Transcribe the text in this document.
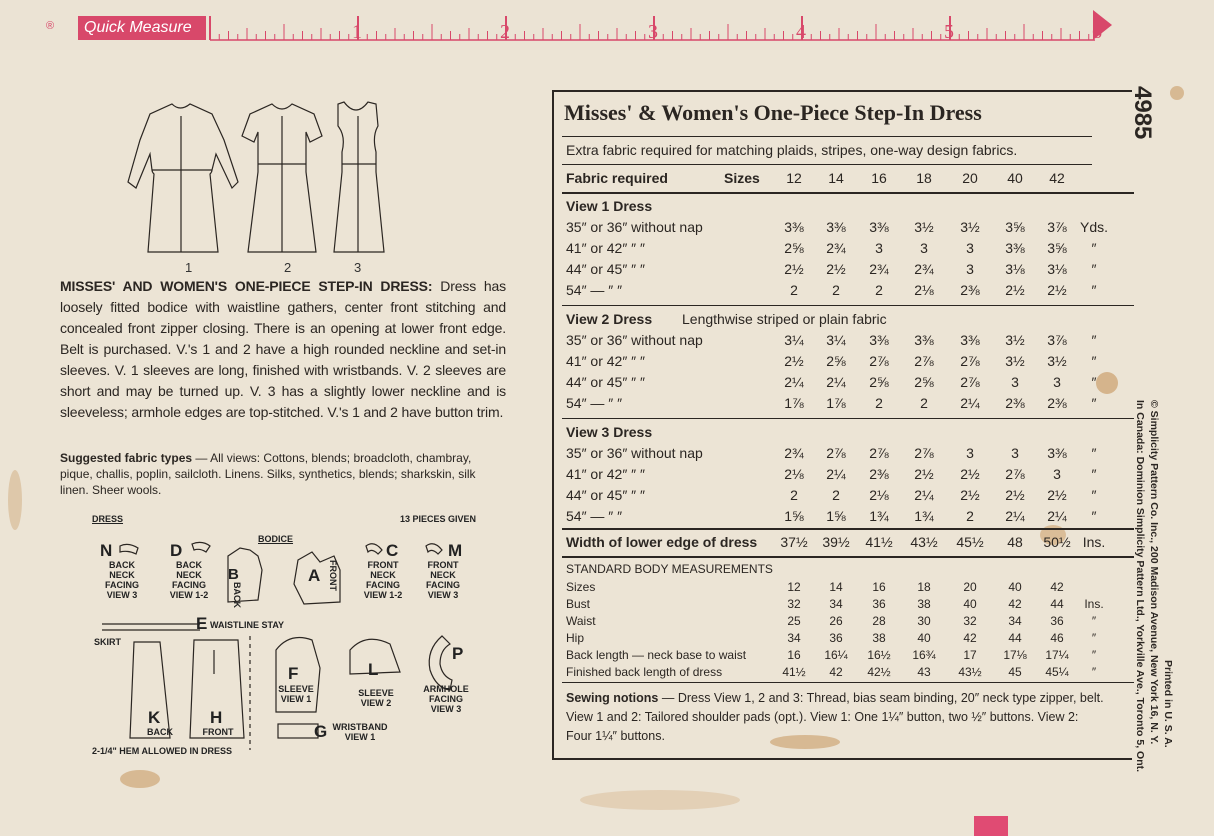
®	Quick Measure	1	2	3	4	5	6
1	2	3
MISSES' AND WOMEN'S ONE-PIECE STEP-IN DRESS: Dress has loosely fitted bodice with waistline gathers, center front stitching and concealed front zipper closing. There is an opening at lower front edge. Belt is purchased. V.'s 1 and 2 have a high rounded neckline and set-in sleeves. V. 1 sleeves are long, finished with wristbands. V. 2 sleeves are short and may be turned up. V. 3 has a slightly lower neckline and is sleeveless; armhole edges are top-stitched. V.'s 1 and 2 have button trim.
Suggested fabric types — All views: Cottons, blends; broadcloth, chambray, pique, challis, poplin, sailcloth. Linens. Silks, synthetics, blends; sharkskin, silk linen. Sheer wools.
DRESS
BODICE
13 PIECES GIVEN
SKIRT
N
BACK NECK FACING VIEW 3
D
BACK NECK FACING VIEW 1-2
C
FRONT NECK FACING VIEW 1-2
M
FRONT NECK FACING VIEW 3
B
BACK
A FRONT
E WAISTLINE STAY
K
BACK
H
FRONT
F
SLEEVE VIEW 1
L
SLEEVE VIEW 2
P
ARMHOLE FACING VIEW 3
G WRISTBAND VIEW 1
2-1/4" HEM ALLOWED IN DRESS
Misses' & Women's One-Piece Step-In Dress
Extra fabric required for matching plaids, stripes, one-way design fabrics.
Fabric required	Sizes	12	14	16	18	20	40	42
View 1 Dress
35″ or 36″ without nap	3⅜	3⅜	3⅜	3½	3½	3⅝	3⅞ Yds.
41″ or 42″ ″ ″	2⅝	2¾	3	3	3	3⅜	3⅝	″
44″ or 45″ ″ ″	2½	2½	2¾	2¾	3	3⅛	3⅛	″
54″ — ″ ″	2	2	2	2⅛	2⅜	2½	2½	″
View 2 Dress Lengthwise striped or plain fabric
35″ or 36″ without nap	3¼	3¼	3⅜	3⅜	3⅜	3½	3⅞	″
41″ or 42″ ″ ″	2½	2⅝	2⅞	2⅞	2⅞	3½	3½	″
44″ or 45″ ″ ″	2¼	2¼	2⅝	2⅝	2⅞	3	3	″
54″ — ″ ″	1⅞	1⅞	2	2	2¼	2⅜	2⅜	″
View 3 Dress
35″ or 36″ without nap	2¾	2⅞	2⅞	2⅞	3	3	3⅜	″
41″ or 42″ ″ ″	2⅛	2¼	2⅜	2½	2½	2⅞	3	″
44″ or 45″ ″ ″	2	2	2⅛	2¼	2½	2½	2½	″
54″ — ″ ″	1⅝	1⅝	1¾	1¾	2	2¼	2¼	″
Width of lower edge of dress	37½	39½	41½	43½	45½	48	50½ Ins.
STANDARD BODY MEASUREMENTS
Sizes	12	14	16	18	20	40	42
Bust	32	34	36	38	40	42	44	Ins.
Waist	25	26	28	30	32	34	36	″
Hip	34	36	38	40	42	44	46	″
Back length — neck base to waist	16	16¼	16½	16¾	17	17⅛	17¼	″
Finished back length of dress	41½	42	42½	43	43½	45	45¼	″
Sewing notions — Dress View 1, 2 and 3: Thread, bias seam binding, 20″ neck type zipper, belt. View 1 and 2: Tailored shoulder pads (opt.). View 1: One 1¼″ button, two ½″ buttons. View 2: Four 1¼″ buttons.
4985
© Simplicity Pattern Co. Inc., 200 Madison Avenue, New York 16, N. Y.
In Canada: Dominion Simplicity Pattern Ltd., Yorkville Ave., Toronto 5, Ont. Printed in U. S. A.
